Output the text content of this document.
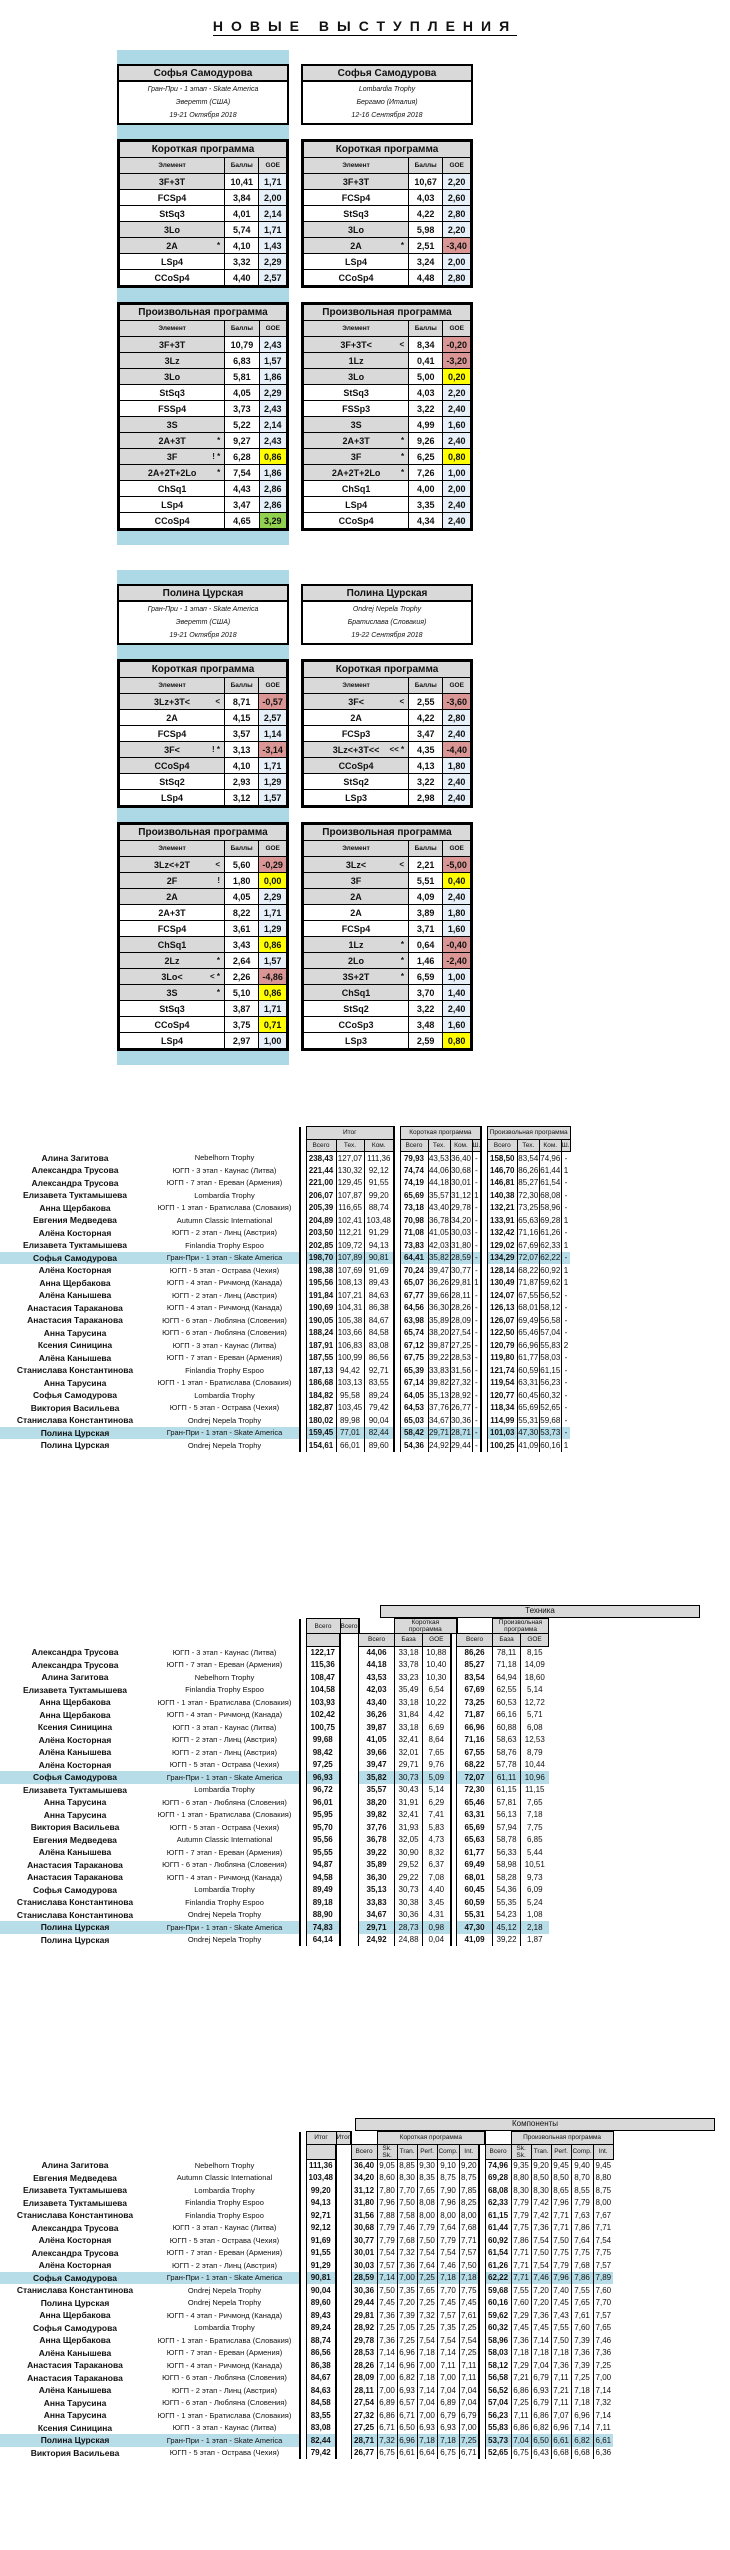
НОВЫЕ ВЫСТУПЛЕНИЯ
Софья Самодурова
Гран-При - 1 этап - Skate America
Эверетт (США)
19-21 Октября 2018
Короткая программа		
Элемент	Баллы	GOE
3F+3T	10,41	1,71
FCSp4	3,84	2,00
StSq3	4,01	2,14
3Lo	5,74	1,71
2A *	4,10	1,43
LSp4	3,32	2,29
CCoSp4	4,40	2,57
Произвольная программа		
Элемент	Баллы	GOE
3F+3T	10,79	2,43
3Lz	6,83	1,57
3Lo	5,81	1,86
StSq3	4,05	2,29
FSSp4	3,73	2,43
3S	5,22	2,14
2A+3T *	9,27	2,43
3F ! *	6,28	0,86
2A+2T+2Lo *	7,54	1,86
ChSq1	4,43	2,86
LSp4	3,47	2,86
CCoSp4	4,65	3,29
Софья Самодурова
Lombardia Trophy
Бергамо (Италия)
12-16 Сентября 2018
Короткая программа		
Элемент	Баллы	GOE
3F+3T	10,67	2,20
FCSp4	4,03	2,60
StSq3	4,22	2,80
3Lo	5,98	2,20
2A *	2,51	-3,40
LSp4	3,24	2,00
CCoSp4	4,48	2,80
Произвольная программа		
Элемент	Баллы	GOE
3F+3T< <	8,34	-0,20
1Lz	0,41	-3,20
3Lo	5,00	0,20
StSq3	4,03	2,20
FSSp3	3,22	2,40
3S	4,99	1,60
2A+3T *	9,26	2,40
3F *	6,25	0,80
2A+2T+2Lo *	7,26	1,00
ChSq1	4,00	2,00
LSp4	3,35	2,40
CCoSp4	4,34	2,40
Полина Цурская
Гран-При - 1 этап - Skate America
Эверетт (США)
19-21 Октября 2018
Короткая программа		
Элемент	Баллы	GOE
3Lz+3T< <	8,71	-0,57
2A	4,15	2,57
FCSp4	3,57	1,14
3F< ! *	3,13	-3,14
CCoSp4	4,10	1,71
StSq2	2,93	1,29
LSp4	3,12	1,57
Произвольная программа		
Элемент	Баллы	GOE
3Lz<+2T <	5,60	-0,29
2F !	1,80	0,00
2A	4,05	2,29
2A+3T	8,22	1,71
FCSp4	3,61	1,29
ChSq1	3,43	0,86
2Lz *	2,64	1,57
3Lo< < *	2,26	-4,86
3S *	5,10	0,86
StSq3	3,87	1,71
CCoSp4	3,75	0,71
LSp4	2,97	1,00
Полина Цурская
Ondrej Nepela Trophy
Братислава (Словакия)
19-22 Сентября 2018
Короткая программа		
Элемент	Баллы	GOE
3F< <	2,55	-3,60
2A	4,22	2,80
FCSp3	3,47	2,40
3Lz<+3T<< << *	4,35	-4,40
CCoSp4	4,13	1,80
StSq2	3,22	2,40
LSp3	2,98	2,40
Произвольная программа		
Элемент	Баллы	GOE
3Lz< <	2,21	-5,00
3F	5,51	0,40
2A	4,09	2,40
2A	3,89	1,80
FCSp4	3,71	1,60
1Lz *	0,64	-0,40
2Lo *	1,46	-2,40
3S+2T *	6,59	1,00
ChSq1	3,70	1,40
StSq2	3,22	2,40
CCoSp3	3,48	1,60
LSp3	2,59	0,80
			Итог				Короткая программа					Произвольная программа			
			Всего	Тех.	Ком.		Всего	Тех.	Ком.	Ш.		Всего	Тех.	Ком.	Ш.
Алина Загитова	Nebelhorn Trophy		238,43	127,07	111,36		79,93	43,53	36,40	-		158,50	83,54	74,96	-
Александра Трусова	ЮГП - 3 этап - Каунас (Литва)		221,44	130,32	92,12		74,74	44,06	30,68	-		146,70	86,26	61,44	1
Александра Трусова	ЮГП - 7 этап - Ереван (Армения)		221,00	129,45	91,55		74,19	44,18	30,01	-		146,81	85,27	61,54	-
Елизавета Туктамышева	Lombardia Trophy		206,07	107,87	99,20		65,69	35,57	31,12	1		140,38	72,30	68,08	-
Анна Щербакова	ЮГП - 1 этап - Братислава (Словакия)		205,39	116,65	88,74		73,18	43,40	29,78	-		132,21	73,25	58,96	-
Евгения Медведева	Autumn Classic International		204,89	102,41	103,48		70,98	36,78	34,20	-		133,91	65,63	69,28	1
Алёна Косторная	ЮГП - 2 этап - Линц (Австрия)		203,50	112,21	91,29		71,08	41,05	30,03	-		132,42	71,16	61,26	-
Елизавета Туктамышева	Finlandia Trophy Espoo		202,85	109,72	94,13		73,83	42,03	31,80	-		129,02	67,69	62,33	1
Софья Самодурова	Гран-При - 1 этап - Skate America		198,70	107,89	90,81		64,41	35,82	28,59	-		134,29	72,07	62,22	-
Алёна Косторная	ЮГП - 5 этап - Острава (Чехия)		198,38	107,69	91,69		70,24	39,47	30,77	-		128,14	68,22	60,92	1
Анна Щербакова	ЮГП - 4 этап - Ричмонд (Канада)		195,56	108,13	89,43		65,07	36,26	29,81	1		130,49	71,87	59,62	1
Алёна Канышева	ЮГП - 2 этап - Линц (Австрия)		191,84	107,21	84,63		67,77	39,66	28,11	-		124,07	67,55	56,52	-
Анастасия Тараканова	ЮГП - 4 этап - Ричмонд (Канада)		190,69	104,31	86,38		64,56	36,30	28,26	-		126,13	68,01	58,12	-
Анастасия Тараканова	ЮГП - 6 этап - Любляна (Словения)		190,05	105,38	84,67		63,98	35,89	28,09	-		126,07	69,49	56,58	-
Анна Тарусина	ЮГП - 6 этап - Любляна (Словения)		188,24	103,66	84,58		65,74	38,20	27,54	-		122,50	65,46	57,04	-
Ксения Синицина	ЮГП - 3 этап - Каунас (Литва)		187,91	106,83	83,08		67,12	39,87	27,25	-		120,79	66,96	55,83	2
Алёна Канышева	ЮГП - 7 этап - Ереван (Армения)		187,55	100,99	86,56		67,75	39,22	28,53	-		119,80	61,77	58,03	-
Станислава Константинова	Finlandia Trophy Espoo		187,13	94,42	92,71		65,39	33,83	31,56	-		121,74	60,59	61,15	-
Анна Тарусина	ЮГП - 1 этап - Братислава (Словакия)		186,68	103,13	83,55		67,14	39,82	27,32	-		119,54	63,31	56,23	-
Софья Самодурова	Lombardia Trophy		184,82	95,58	89,24		64,05	35,13	28,92	-		120,77	60,45	60,32	-
Виктория Васильева	ЮГП - 5 этап - Острава (Чехия)		182,87	103,45	79,42		64,53	37,76	26,77	-		118,34	65,69	52,65	-
Станислава Константинова	Ondrej Nepela Trophy		180,02	89,98	90,04		65,03	34,67	30,36	-		114,99	55,31	59,68	-
Полина Цурская	Гран-При - 1 этап - Skate America		159,45	77,01	82,44		58,42	29,71	28,71	-		101,03	47,30	53,73	-
Полина Цурская	Ondrej Nepela Trophy		154,61	66,01	89,60		54,36	24,92	29,44	-		100,25	41,09	60,16	1
Техника
			Всего	Всего		Короткая программа				Произвольная программа	
					Всего	База	GOE		Всего	База	GOE
Александра Трусова	ЮГП - 3 этап - Каунас (Литва)		122,17		44,06	33,18	10,88		86,26	78,11	8,15
Александра Трусова	ЮГП - 7 этап - Ереван (Армения)		115,36		44,18	33,78	10,40		85,27	71,18	14,09
Алина Загитова	Nebelhorn Trophy		108,47		43,53	33,23	10,30		83,54	64,94	18,60
Елизавета Туктамышева	Finlandia Trophy Espoo		104,58		42,03	35,49	6,54		67,69	62,55	5,14
Анна Щербакова	ЮГП - 1 этап - Братислава (Словакия)		103,93		43,40	33,18	10,22		73,25	60,53	12,72
Анна Щербакова	ЮГП - 4 этап - Ричмонд (Канада)		102,42		36,26	31,84	4,42		71,87	66,16	5,71
Ксения Синицина	ЮГП - 3 этап - Каунас (Литва)		100,75		39,87	33,18	6,69		66,96	60,88	6,08
Алёна Косторная	ЮГП - 2 этап - Линц (Австрия)		99,68		41,05	32,41	8,64		71,16	58,63	12,53
Алёна Канышева	ЮГП - 2 этап - Линц (Австрия)		98,42		39,66	32,01	7,65		67,55	58,76	8,79
Алёна Косторная	ЮГП - 5 этап - Острава (Чехия)		97,25		39,47	29,71	9,76		68,22	57,78	10,44
Софья Самодурова	Гран-При - 1 этап - Skate America		96,93		35,82	30,73	5,09		72,07	61,11	10,96
Елизавета Туктамышева	Lombardia Trophy		96,72		35,57	30,43	5,14		72,30	61,15	11,15
Анна Тарусина	ЮГП - 6 этап - Любляна (Словения)		96,01		38,20	31,91	6,29		65,46	57,81	7,65
Анна Тарусина	ЮГП - 1 этап - Братислава (Словакия)		95,95		39,82	32,41	7,41		63,31	56,13	7,18
Виктория Васильева	ЮГП - 5 этап - Острава (Чехия)		95,70		37,76	31,93	5,83		65,69	57,94	7,75
Евгения Медведева	Autumn Classic International		95,56		36,78	32,05	4,73		65,63	58,78	6,85
Алёна Канышева	ЮГП - 7 этап - Ереван (Армения)		95,55		39,22	30,90	8,32		61,77	56,33	5,44
Анастасия Тараканова	ЮГП - 6 этап - Любляна (Словения)		94,87		35,89	29,52	6,37		69,49	58,98	10,51
Анастасия Тараканова	ЮГП - 4 этап - Ричмонд (Канада)		94,58		36,30	29,22	7,08		68,01	58,28	9,73
Софья Самодурова	Lombardia Trophy		89,49		35,13	30,73	4,40		60,45	54,36	6,09
Станислава Константинова	Finlandia Trophy Espoo		89,18		33,83	30,38	3,45		60,59	55,35	5,24
Станислава Константинова	Ondrej Nepela Trophy		88,90		34,67	30,36	4,31		55,31	54,23	1,08
Полина Цурская	Гран-При - 1 этап - Skate America		74,83		29,71	28,73	0,98		47,30	45,12	2,18
Полина Цурская	Ondrej Nepela Trophy		64,14		24,92	24,88	0,04		41,09	39,22	1,87
Компоненты
			Итог	Итог		Короткая программа							Произвольная программа				
					Всего	Sk. Sk.	Tran.	Perf.	Comp.	Int.		Всего	Sk. Sk.	Tran.	Perf.	Comp.	Int.
Алина Загитова	Nebelhorn Trophy		111,36		36,40	9,05	8,85	9,30	9,10	9,20		74,96	9,35	9,20	9,45	9,40	9,45
Евгения Медведева	Autumn Classic International		103,48		34,20	8,60	8,30	8,35	8,75	8,75		69,28	8,80	8,50	8,50	8,70	8,80
Елизавета Туктамышева	Lombardia Trophy		99,20		31,12	7,80	7,70	7,65	7,90	7,85		68,08	8,30	8,30	8,65	8,55	8,75
Елизавета Туктамышева	Finlandia Trophy Espoo		94,13		31,80	7,96	7,50	8,08	7,96	8,25		62,33	7,79	7,42	7,96	7,79	8,00
Станислава Константинова	Finlandia Trophy Espoo		92,71		31,56	7,88	7,58	8,00	8,00	8,00		61,15	7,79	7,42	7,71	7,63	7,67
Александра Трусова	ЮГП - 3 этап - Каунас (Литва)		92,12		30,68	7,79	7,46	7,79	7,64	7,68		61,44	7,75	7,36	7,71	7,86	7,71
Алёна Косторная	ЮГП - 5 этап - Острава (Чехия)		91,69		30,77	7,79	7,68	7,50	7,79	7,71		60,92	7,86	7,54	7,50	7,64	7,54
Александра Трусова	ЮГП - 7 этап - Ереван (Армения)		91,55		30,01	7,54	7,32	7,54	7,54	7,57		61,54	7,71	7,50	7,75	7,75	7,75
Алёна Косторная	ЮГП - 2 этап - Линц (Австрия)		91,29		30,03	7,57	7,36	7,64	7,46	7,50		61,26	7,71	7,54	7,79	7,68	7,57
Софья Самодурова	Гран-При - 1 этап - Skate America		90,81		28,59	7,14	7,00	7,25	7,18	7,18		62,22	7,71	7,46	7,96	7,86	7,89
Станислава Константинова	Ondrej Nepela Trophy		90,04		30,36	7,50	7,35	7,65	7,70	7,75		59,68	7,55	7,20	7,40	7,55	7,60
Полина Цурская	Ondrej Nepela Trophy		89,60		29,44	7,45	7,20	7,25	7,45	7,45		60,16	7,60	7,20	7,45	7,65	7,70
Анна Щербакова	ЮГП - 4 этап - Ричмонд (Канада)		89,43		29,81	7,36	7,39	7,32	7,57	7,61		59,62	7,29	7,36	7,43	7,61	7,57
Софья Самодурова	Lombardia Trophy		89,24		28,92	7,25	7,05	7,25	7,35	7,25		60,32	7,45	7,45	7,55	7,60	7,65
Анна Щербакова	ЮГП - 1 этап - Братислава (Словакия)		88,74		29,78	7,36	7,25	7,54	7,54	7,54		58,96	7,36	7,14	7,50	7,39	7,46
Алёна Канышева	ЮГП - 7 этап - Ереван (Армения)		86,56		28,53	7,14	6,96	7,18	7,14	7,25		58,03	7,18	7,18	7,18	7,36	7,36
Анастасия Тараканова	ЮГП - 4 этап - Ричмонд (Канада)		86,38		28,26	7,14	6,96	7,00	7,11	7,11		58,12	7,29	7,04	7,36	7,39	7,25
Анастасия Тараканова	ЮГП - 6 этап - Любляна (Словения)		84,67		28,09	7,00	6,82	7,18	7,00	7,11		56,58	7,21	6,79	7,11	7,25	7,00
Алёна Канышева	ЮГП - 2 этап - Линц (Австрия)		84,63		28,11	7,00	6,93	7,14	7,04	7,04		56,52	6,86	6,93	7,21	7,18	7,14
Анна Тарусина	ЮГП - 6 этап - Любляна (Словения)		84,58		27,54	6,89	6,57	7,04	6,89	7,04		57,04	7,25	6,79	7,11	7,18	7,32
Анна Тарусина	ЮГП - 1 этап - Братислава (Словакия)		83,55		27,32	6,86	6,71	7,00	6,79	6,79		56,23	7,11	6,86	7,07	6,96	7,14
Ксения Синицина	ЮГП - 3 этап - Каунас (Литва)		83,08		27,25	6,71	6,50	6,93	6,93	7,00		55,83	6,86	6,82	6,96	7,14	7,11
Полина Цурская	Гран-При - 1 этап - Skate America		82,44		28,71	7,32	6,96	7,18	7,18	7,25		53,73	7,04	6,50	6,61	6,82	6,61
Виктория Васильева	ЮГП - 5 этап - Острава (Чехия)		79,42		26,77	6,75	6,61	6,64	6,75	6,71		52,65	6,75	6,43	6,68	6,68	6,36
